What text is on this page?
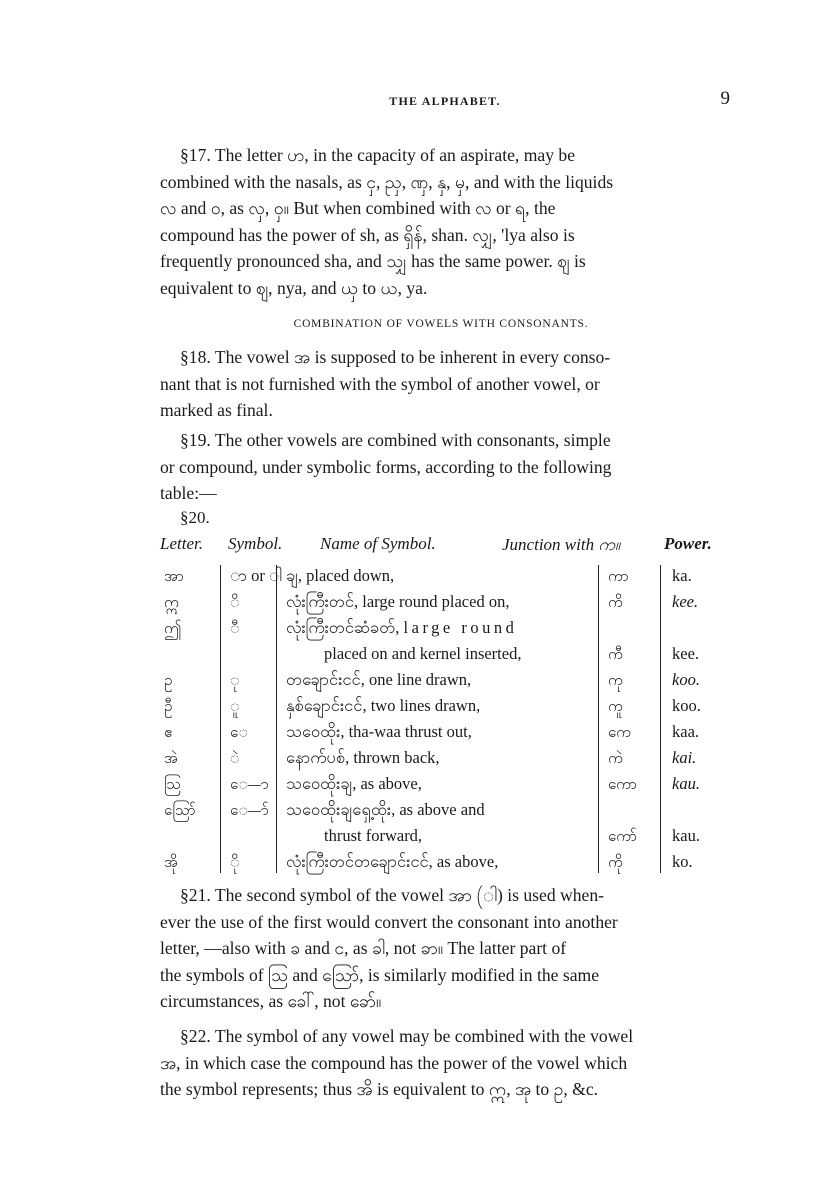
THE ALPHABET.	9
§17. The letter ဟ, in the capacity of an aspirate, may be
combined with the nasals, as ငှ, ညှ, ဏှ, နှ, မှ, and with the liquids
လ and ဝ, as လှ, ဝှ။ But when combined with လ or ရ, the
compound has the power of sh, as ရှိန်, shan. လျှ, 'lya also is
frequently pronounced sha, and သျှ has the same power. ဈ is
equivalent to ဈ, nya, and ယှ to ယ, ya.
COMBINATION OF VOWELS WITH CONSONANTS.
§18. The vowel အ is supposed to be inherent in every conso-
nant that is not furnished with the symbol of another vowel, or
marked as final.
§19. The other vowels are combined with consonants, simple
or compound, under symbolic forms, according to the following
table:—
§20.
Letter. Symbol. Name of Symbol.	Junction with က။	Power.
အာ	ာ or ါ ချ, placed down,	ကာ	ka.
ဣ	ိ	လုံးကြီးတင်, large round placed on,	ကိ	kee.
ဤ	ီ	လုံးကြီးတင်ဆံခတ်, large round
placed on and kernel inserted,	ကီ	kee.
ဥ	ု	တချောင်းငင်, one line drawn,	ကု	koo.
ဦ	ူ	နှစ်ချောင်းငင်, two lines drawn,	ကူ	koo.
ဧ	ေ သဝေထိုး, tha-waa thrust out,	ကေ kaa.
အဲ	ဲ	နောက်ပစ်, thrown back,	ကဲ	kai.
ဩ	ေ—ာ သဝေထိုးချ, as above,	ကော kau.
ဪ ေ—ာ် သဝေထိုးချရှေ့ထိုး, as above and
thrust forward,	ကော် kau.
အို	ို	လုံးကြီးတင်တချောင်းငင်, as above,	ကို	ko.
§21. The second symbol of the vowel အာ (ါ) is used when-
ever the use of the first would convert the consonant into another
letter, —also with ခ and င, as ခါ, not ခာ။ The latter part of
the symbols of ဩ and ဪ, is similarly modified in the same
circumstances, as ခေါ်, not ခော်။
§22. The symbol of any vowel may be combined with the vowel
အ, in which case the compound has the power of the vowel which
the symbol represents; thus အိ is equivalent to ဣ, အု to ဥ, &c.
